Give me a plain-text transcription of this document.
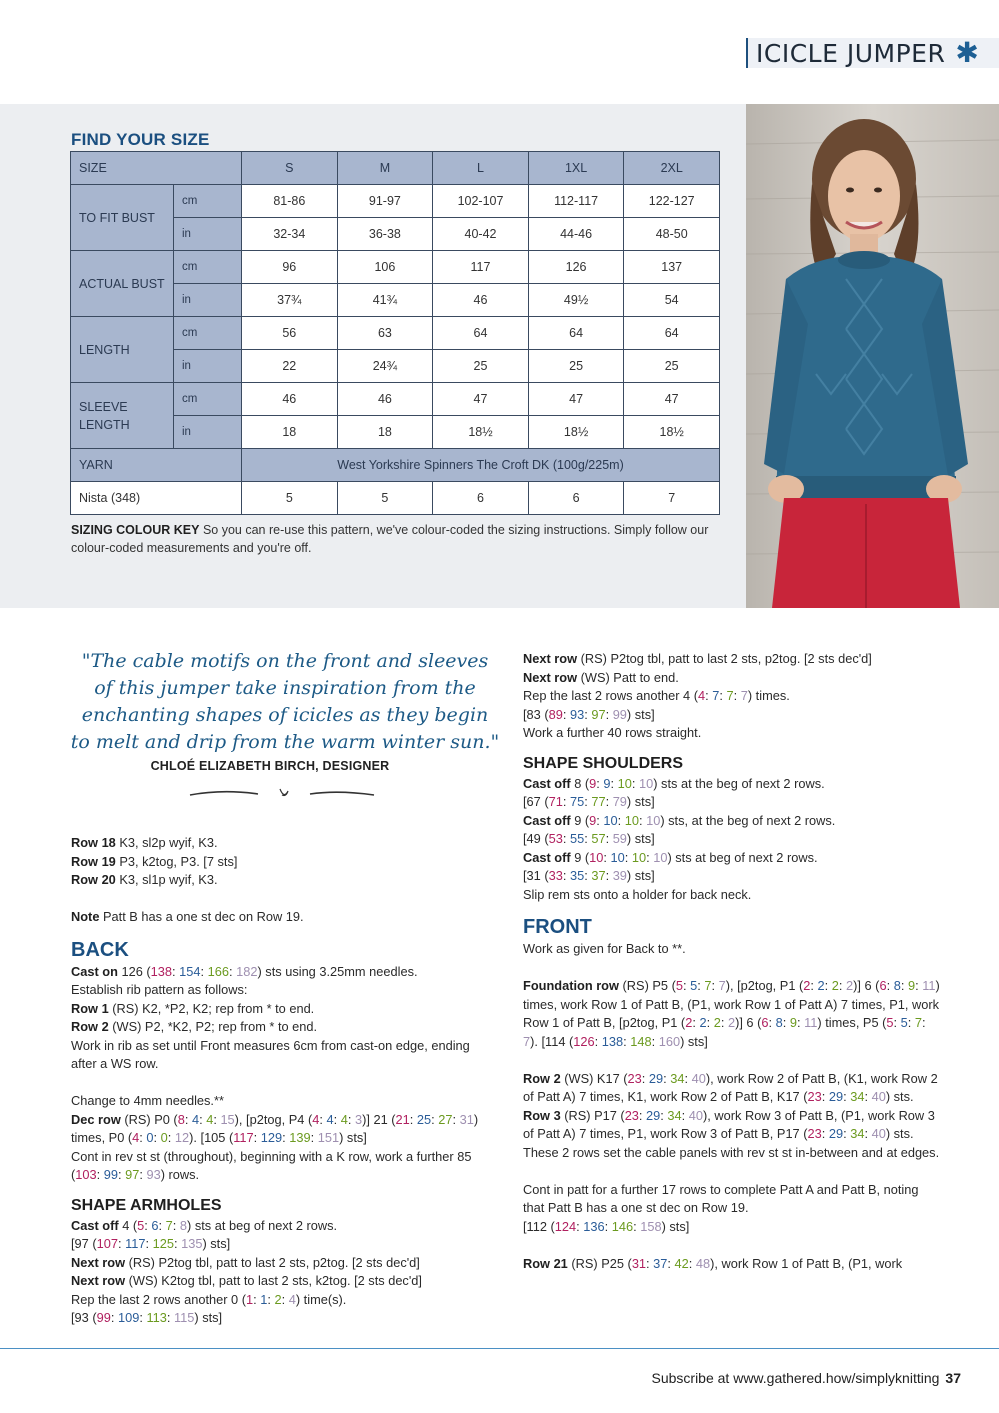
ICICLE JUMPER ✱
FIND YOUR SIZE
SIZE		S	M	L	1XL	2XL
TO FIT BUST	cm	81-86	91-97	102-107	112-117	122-127
	in	32-34	36-38	40-42	44-46	48-50
ACTUAL BUST	cm	96	106	117	126	137
	in	37¾	41¾	46	49½	54
LENGTH	cm	56	63	64	64	64
	in	22	24¾	25	25	25
SLEEVE LENGTH	cm	46	46	47	47	47
	in	18	18	18½	18½	18½
YARN		West Yorkshire Spinners The Croft DK (100g/225m)				
Nista (348)		5	5	6	6	7
SIZING COLOUR KEY So you can re-use this pattern, we've colour-coded the sizing instructions. Simply follow our colour-coded measurements and you're off.
"The cable motifs on the front and sleeves of this jumper take inspiration from the enchanting shapes of icicles as they begin to melt and drip from the warm winter sun."
CHLOÉ ELIZABETH BIRCH, DESIGNER

Row 18 K3, sl2p wyif, K3.

Row 19 P3, k2tog, P3. [7 sts]

Row 20 K3, sl1p wyif, K3.

Note Patt B has a one st dec on Row 19.

BACK

Cast on 126 (138: 154: 166: 182) sts using 3.25mm needles.

Establish rib pattern as follows:

Row 1 (RS) K2, *P2, K2; rep from * to end.

Row 2 (WS) P2, *K2, P2; rep from * to end.

Work in rib as set until Front measures 6cm from cast-on edge, ending after a WS row.

Change to 4mm needles.**

Dec row (RS) P0 (8: 4: 4: 15), [p2tog, P4 (4: 4: 4: 3)] 21 (21: 25: 27: 31) times, P0 (4: 0: 0: 12). [105 (117: 129: 139: 151) sts]

Cont in rev st st (throughout), beginning with a K row, work a further 85 (103: 99: 97: 93) rows.

SHAPE ARMHOLES

Cast off 4 (5: 6: 7: 8) sts at beg of next 2 rows.

[97 (107: 117: 125: 135) sts]

Next row (RS) P2tog tbl, patt to last 2 sts, p2tog. [2 sts dec'd]

Next row (WS) K2tog tbl, patt to last 2 sts, k2tog. [2 sts dec'd]

Rep the last 2 rows another 0 (1: 1: 2: 4) time(s).

[93 (99: 109: 113: 115) sts]

Next row (RS) P2tog tbl, patt to last 2 sts, p2tog. [2 sts dec'd]

Next row (WS) Patt to end.

Rep the last 2 rows another 4 (4: 7: 7: 7) times.

[83 (89: 93: 97: 99) sts]

Work a further 40 rows straight.

SHAPE SHOULDERS

Cast off 8 (9: 9: 10: 10) sts at the beg of next 2 rows.

[67 (71: 75: 77: 79) sts]

Cast off 9 (9: 10: 10: 10) sts, at the beg of next 2 rows.

[49 (53: 55: 57: 59) sts]

Cast off 9 (10: 10: 10: 10) sts at beg of next 2 rows.

[31 (33: 35: 37: 39) sts]

Slip rem sts onto a holder for back neck.

FRONT

Work as given for Back to **.

Foundation row (RS) P5 (5: 5: 7: 7), [p2tog, P1 (2: 2: 2: 2)] 6 (6: 8: 9: 11) times, work Row 1 of Patt B, (P1, work Row 1 of Patt A) 7 times, P1, work Row 1 of Patt B, [p2tog, P1 (2: 2: 2: 2)] 6 (6: 8: 9: 11) times, P5 (5: 5: 7: 7). [114 (126: 138: 148: 160) sts]

Row 2 (WS) K17 (23: 29: 34: 40), work Row 2 of Patt B, (K1, work Row 2 of Patt A) 7 times, K1, work Row 2 of Patt B, K17 (23: 29: 34: 40) sts.

Row 3 (RS) P17 (23: 29: 34: 40), work Row 3 of Patt B, (P1, work Row 3 of Patt A) 7 times, P1, work Row 3 of Patt B, P17 (23: 29: 34: 40) sts.

These 2 rows set the cable panels with rev st st in-between and at edges.

Cont in patt for a further 17 rows to complete Patt A and Patt B, noting that Patt B has a one st dec on Row 19.

[112 (124: 136: 146: 158) sts]

Row 21 (RS) P25 (31: 37: 42: 48), work Row 1 of Patt B, (P1, work

Subscribe at www.gathered.how/simplyknitting 37
